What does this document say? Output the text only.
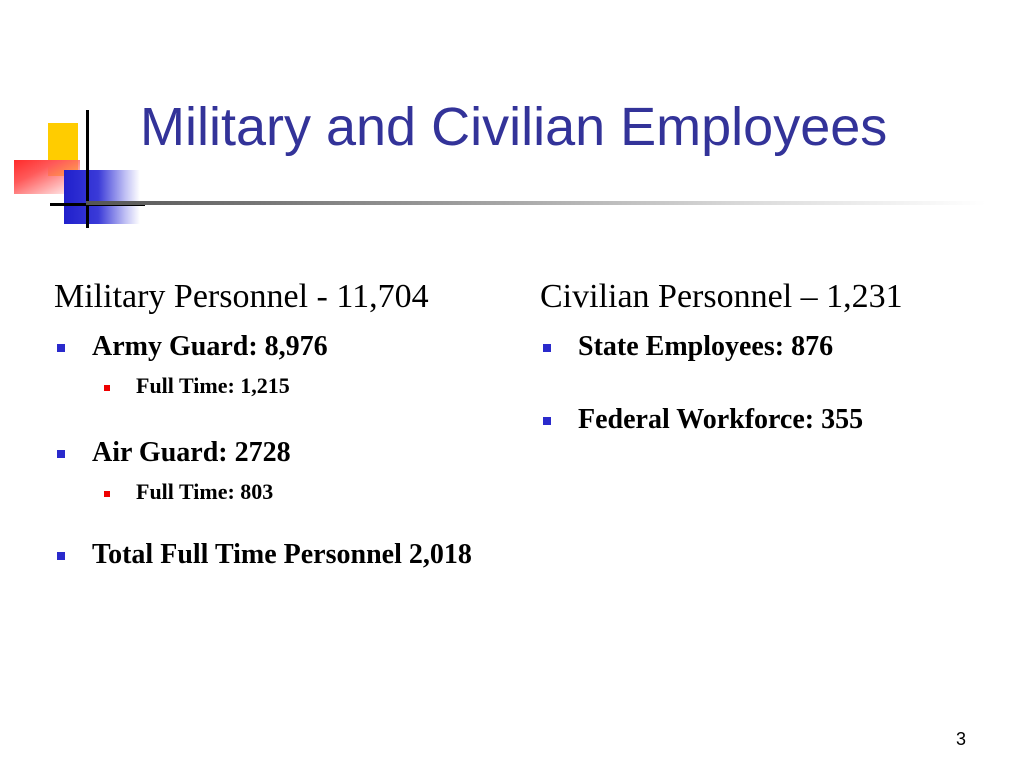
Military and Civilian Employees
Military Personnel - 11,704
Army Guard: 8,976
Full Time: 1,215
Air Guard: 2728
Full Time: 803
Total Full Time Personnel 2,018
Civilian Personnel – 1,231
State Employees: 876
Federal Workforce: 355
3
